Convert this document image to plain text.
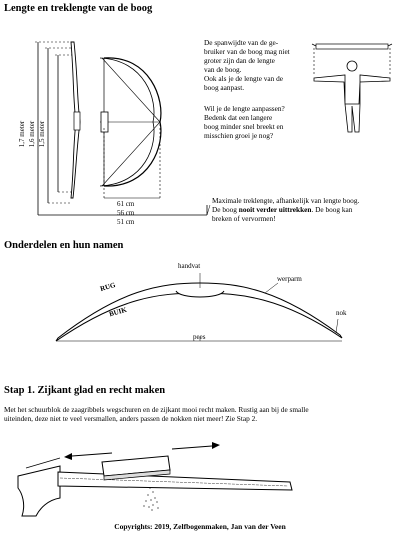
Lengte en treklengte van de boog
1,7 meter 1,6 meter 1,5 meter
61 cm
56 cm
51 cm
De spanwijdte van de ge-
bruiker van de boog mag niet
groter zijn dan de lengte
van de boog.
Ook als je de lengte van de
boog aanpast.
Wil je de lengte aanpassen?
Bedenk dat een langere
boog minder snel breekt en
misschien groei je nog?
Maximale treklengte, afhankelijk van lengte boog.
De boog nooit verder uittrekken. De boog kan
breken of vervormen!
Onderdelen en hun namen
handvat
werparm
RUG
BUIK	nok
pees
Stap 1. Zijkant glad en recht maken
Met het schuurblok de zaagribbels wegschuren en de zijkant mooi recht maken. Rustig aan bij de smalle
uiteinden, deze niet te veel versmallen, anders passen de nokken niet meer! Zie Stap 2.
Copyrights: 2019, Zelfbogenmaken, Jan van der Veen
